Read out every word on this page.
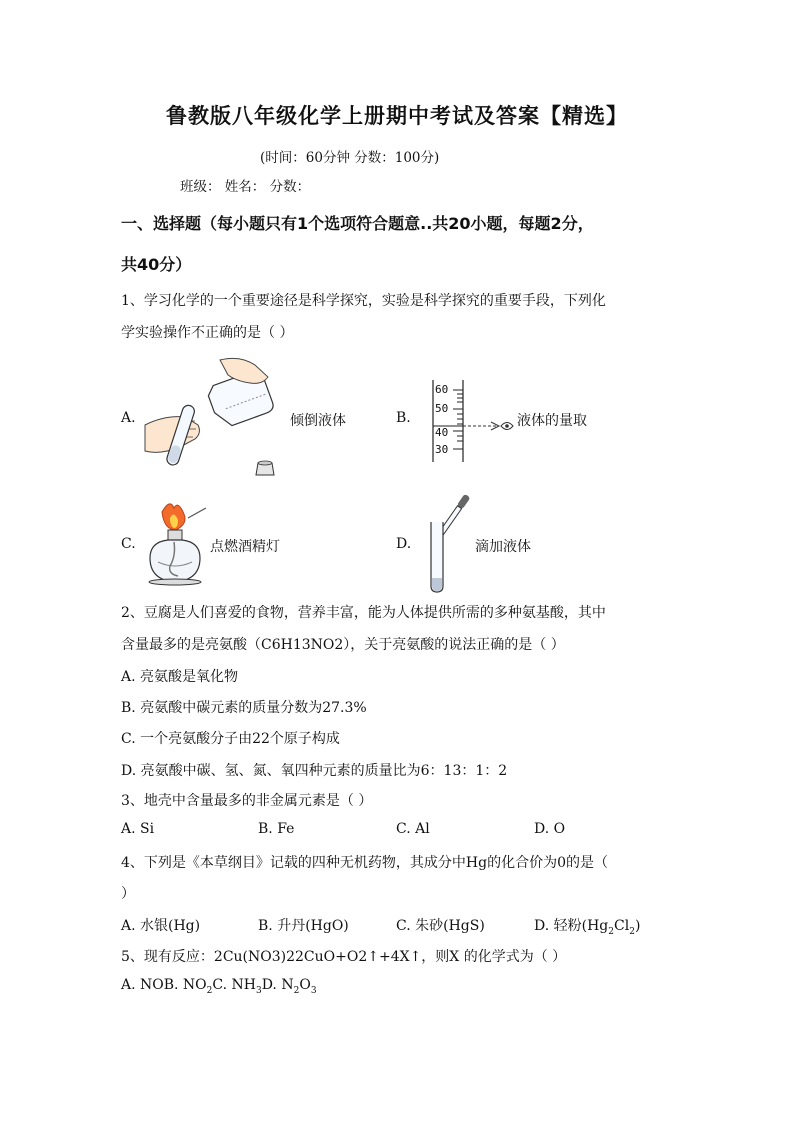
鲁教版八年级化学上册期中考试及答案【精选】
(时间：60分钟 分数：100分)
班级： 姓名： 分数：
一、选择题（每小题只有1个选项符合题意..共20小题，每题2分，
共40分）
1、学习化学的一个重要途径是科学探究，实验是科学探究的重要手段，下列化
学实验操作不正确的是（ ）
A.	倾倒液体	B.
60
50
40
30
液体的量取
C.	点燃酒精灯	D.	滴加液体
2、豆腐是人们喜爱的食物，营养丰富，能为人体提供所需的多种氨基酸，其中
含量最多的是亮氨酸（C6H13NO2），关于亮氨酸的说法正确的是（ ）
A. 亮氨酸是氧化物
B. 亮氨酸中碳元素的质量分数为27.3%
C. 一个亮氨酸分子由22个原子构成
D. 亮氨酸中碳、氢、氮、氧四种元素的质量比为6：13：1：2
3、地壳中含量最多的非金属元素是（ ）
A. Si	B. Fe	C. Al	D. O
4、下列是《本草纲目》记载的四种无机药物，其成分中Hg的化合价为0的是（
）
A. 水银(Hg)	B. 升丹(HgO)	C. 朱砂(HgS)	D. 轻粉$(Hg_2Cl_2)$
5、现有反应：2Cu(NO3)22CuO+O2↑+4X↑，则X 的化学式为（ ）
A. NOB. $NO_2C$. $NH_3D$. $N_2O_3$
